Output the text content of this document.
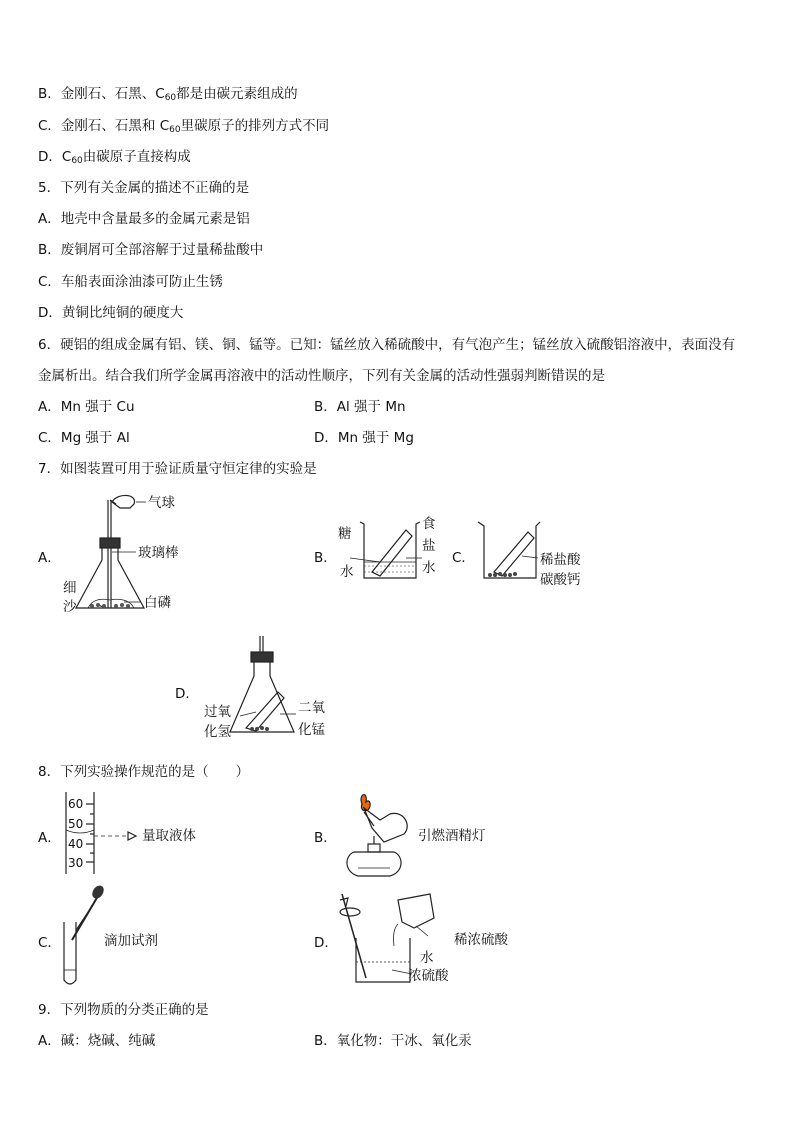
B．金刚石、石黑、$C_{60}$都是由碳元素组成的
C．金刚石、石黑和 $C_{60}$里碳原子的排列方式不同
D．$C_{60}$由碳原子直接构成
5．下列有关金属的描述不正确的是
A．地壳中含量最多的金属元素是铝
B．废铜屑可全部溶解于过量稀盐酸中
C．车船表面涂油漆可防止生锈
D．黄铜比纯铜的硬度大
6．硬铝的组成金属有铝、镁、铜、锰等。已知：锰丝放入稀硫酸中，有气泡产生；锰丝放入硫酸铝溶液中，表面没有
金属析出。结合我们所学金属再溶液中的活动性顺序，下列有关金属的活动性强弱判断错误的是
A．Mn 强于 Cu	B．Al 强于 Mn
C．Mg 强于 Al	D．Mn 强于 Mg
7．如图装置可用于验证质量守恒定律的实验是
A．	B．	C．
D．
气球
玻璃棒
细
沙	白磷
糖
水
食
盐
水	稀盐酸
碳酸钙
过氧
化氢
二氧
化锰
8．下列实验操作规范的是（　　）
A．	B．
C．	D．
60
50
40
30
量取液体	引燃酒精灯
滴加试剂	稀浓硫酸
水
浓硫酸
9．下列物质的分类正确的是
A．碱：烧碱、纯碱	B．氧化物：干冰、氧化汞
